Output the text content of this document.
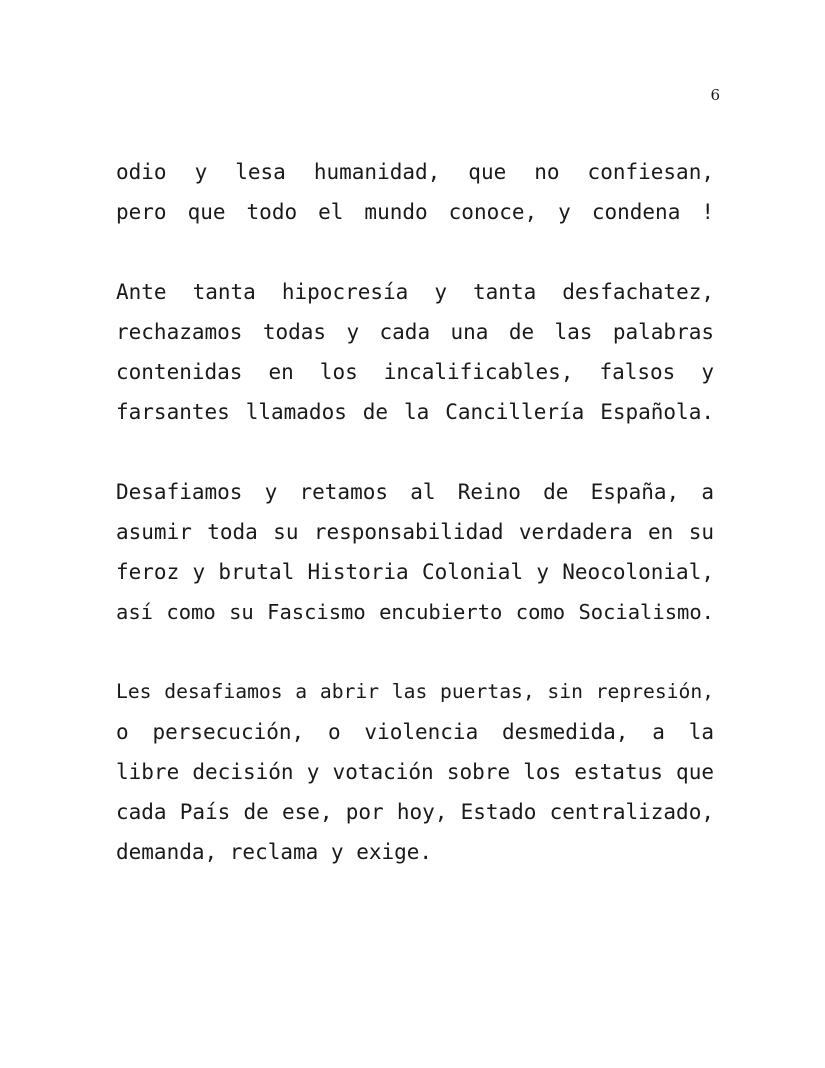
6
odio y lesa humanidad, que no confiesan,
pero que todo el mundo conoce, y condena !
Ante tanta hipocresía y tanta desfachatez,
rechazamos todas y cada una de las palabras
contenidas en los incalificables, falsos y
farsantes llamados de la Cancillería Española.
Desafiamos y retamos al Reino de España, a
asumir toda su responsabilidad verdadera en su
feroz y brutal Historia Colonial y Neocolonial,
así como su Fascismo encubierto como Socialismo.
Les desafiamos a abrir las puertas, sin represión,
o persecución, o violencia desmedida, a la
libre decisión y votación sobre los estatus que
cada País de ese, por hoy, Estado centralizado,
demanda, reclama y exige.
